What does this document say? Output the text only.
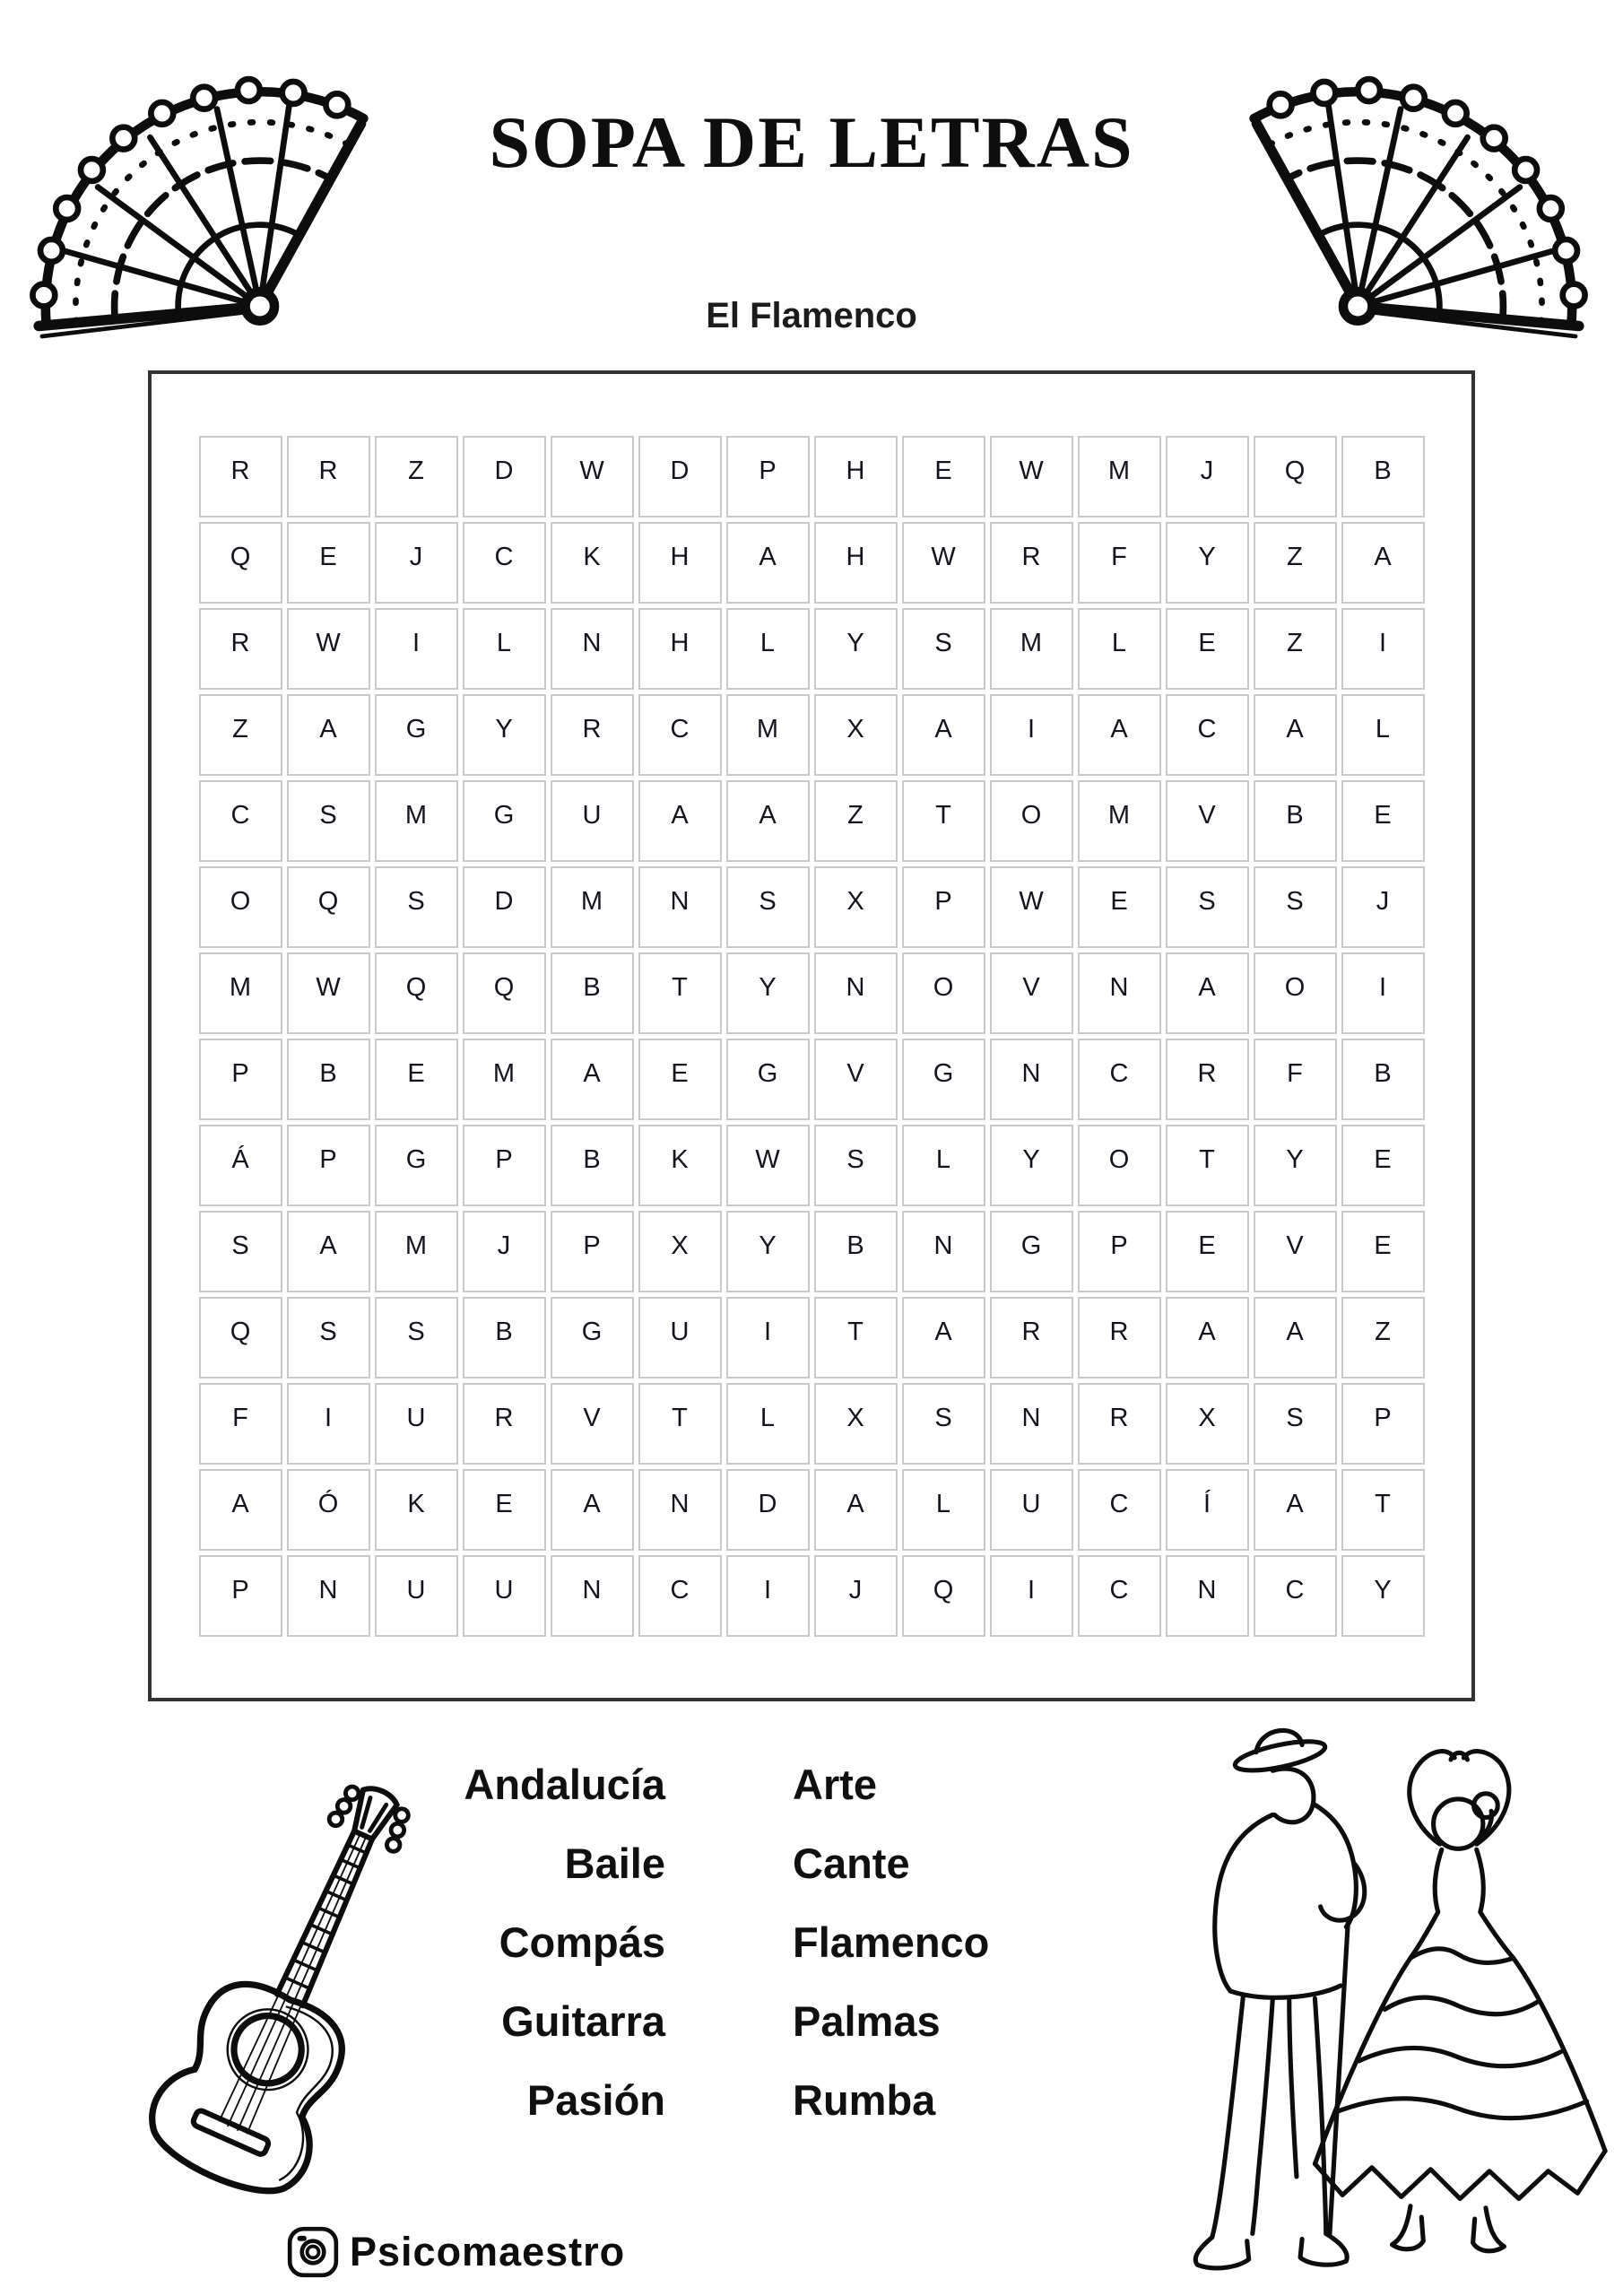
SOPA DE LETRAS
El Flamenco
R	R	Z	D	W	D	P	H	E	W	M	J	Q	B
Q	E	J	C	K	H	A	H	W	R	F	Y	Z	A
R	W	I	L	N	H	L	Y	S	M	L	E	Z	I
Z	A	G	Y	R	C	M	X	A	I	A	C	A	L
C	S	M	G	U	A	A	Z	T	O	M	V	B	E
O	Q	S	D	M	N	S	X	P	W	E	S	S	J
M	W	Q	Q	B	T	Y	N	O	V	N	A	O	I
P	B	E	M	A	E	G	V	G	N	C	R	F	B
Á	P	G	P	B	K	W	S	L	Y	O	T	Y	E
S	A	M	J	P	X	Y	B	N	G	P	E	V	E
Q	S	S	B	G	U	I	T	A	R	R	A	A	Z
F	I	U	R	V	T	L	X	S	N	R	X	S	P
A	Ó	K	E	A	N	D	A	L	U	C	Í	A	T
P	N	U	U	N	C	I	J	Q	I	C	N	C	Y
Andalucía
Baile
Compás
Guitarra
Pasión
Arte
Cante
Flamenco
Palmas
Rumba
Psicomaestro
